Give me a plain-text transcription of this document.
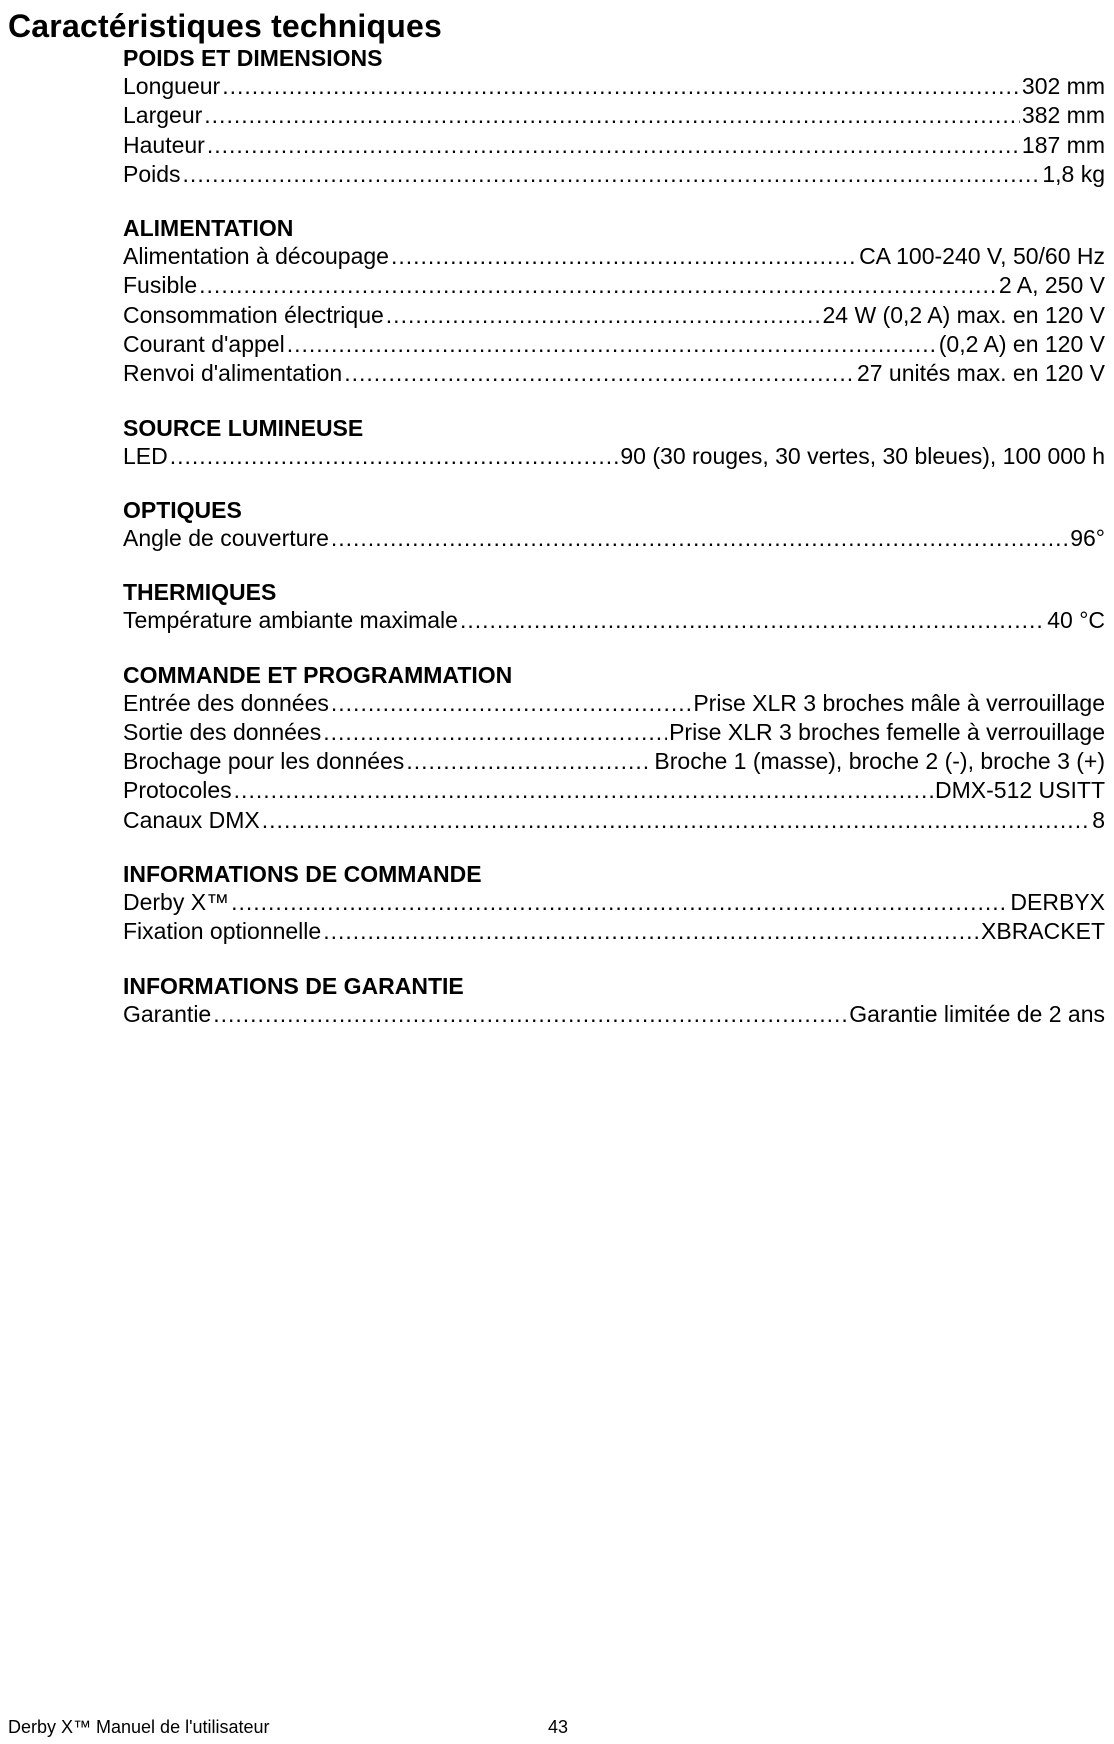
Caractéristiques techniques
POIDS ET DIMENSIONS
Longueur .....	302 mm
Largeur .....	382 mm
Hauteur .....	187 mm
Poids .....	1,8 kg
ALIMENTATION
Alimentation à découpage .....	CA 100-240 V, 50/60 Hz
Fusible .....	2 A, 250 V
Consommation électrique .....	24 W (0,2 A) max. en 120 V
Courant d'appel .....	(0,2 A) en 120 V
Renvoi d'alimentation .....	27 unités max. en 120 V
SOURCE LUMINEUSE
LED .....	90 (30 rouges, 30 vertes, 30 bleues), 100 000 h
OPTIQUES
Angle de couverture .....	96°
THERMIQUES
Température ambiante maximale .....	40 °C
COMMANDE ET PROGRAMMATION
Entrée des données .....	Prise XLR 3 broches mâle à verrouillage
Sortie des données .....	Prise XLR 3 broches femelle à verrouillage
Brochage pour les données .....	Broche 1 (masse), broche 2 (-), broche 3 (+)
Protocoles .....	DMX-512 USITT
Canaux DMX .....	8
INFORMATIONS DE COMMANDE
Derby X™ .....	DERBYX
Fixation optionnelle .....	XBRACKET
INFORMATIONS DE GARANTIE
Garantie .....	Garantie limitée de 2 ans
Derby X™ Manuel de l'utilisateur	43
